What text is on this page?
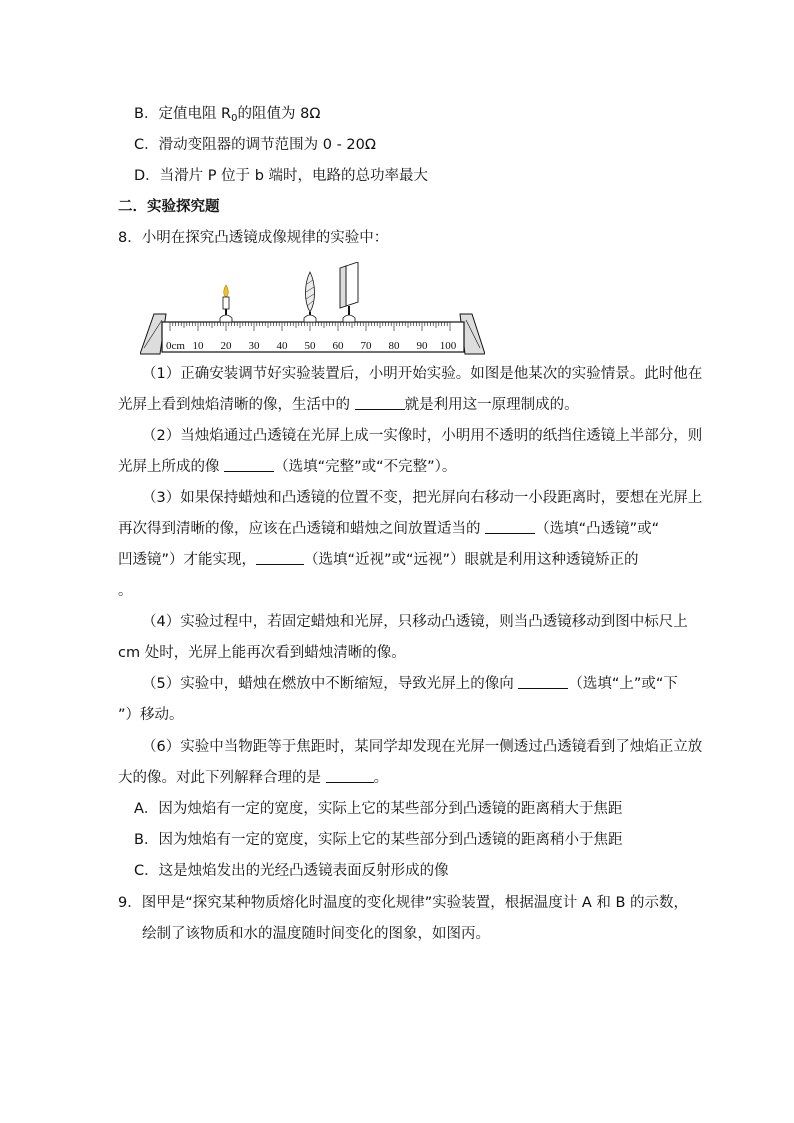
B．定值电阻 $R_0$的阻值为 8Ω
C．滑动变阻器的调节范围为 0 - 20Ω
D．当滑片 P 位于 b 端时，电路的总功率最大
二．实验探究题
8．小明在探究凸透镜成像规律的实验中：
0cm 10 20 30 40 50 60 70 80 90 100
（1）正确安装调节好实验装置后，小明开始实验。如图是他某次的实验情景。此时他在
光屏上看到烛焰清晰的像，生活中的	就是利用这一原理制成的。
（2）当烛焰通过凸透镜在光屏上成一实像时，小明用不透明的纸挡住透镜上半部分，则
光屏上所成的像	（选填“完整”或“不完整”）。
（3）如果保持蜡烛和凸透镜的位置不变，把光屏向右移动一小段距离时，要想在光屏上
再次得到清晰的像，应该在凸透镜和蜡烛之间放置适当的	（选填“凸透镜”或“
凹透镜”）才能实现，	（选填“近视”或“远视”）眼就是利用这种透镜矫正的
。
（4）实验过程中，若固定蜡烛和光屏，只移动凸透镜，则当凸透镜移动到图中标尺上
cm 处时，光屏上能再次看到蜡烛清晰的像。
（5）实验中，蜡烛在燃放中不断缩短，导致光屏上的像向	（选填“上”或“下
”）移动。
（6）实验中当物距等于焦距时，某同学却发现在光屏一侧透过凸透镜看到了烛焰正立放
大的像。对此下列解释合理的是	。
A．因为烛焰有一定的宽度，实际上它的某些部分到凸透镜的距离稍大于焦距
B．因为烛焰有一定的宽度，实际上它的某些部分到凸透镜的距离稍小于焦距
C．这是烛焰发出的光经凸透镜表面反射形成的像
9．图甲是“探究某种物质熔化时温度的变化规律”实验装置，根据温度计 A 和 B 的示数，
绘制了该物质和水的温度随时间变化的图象，如图丙。
